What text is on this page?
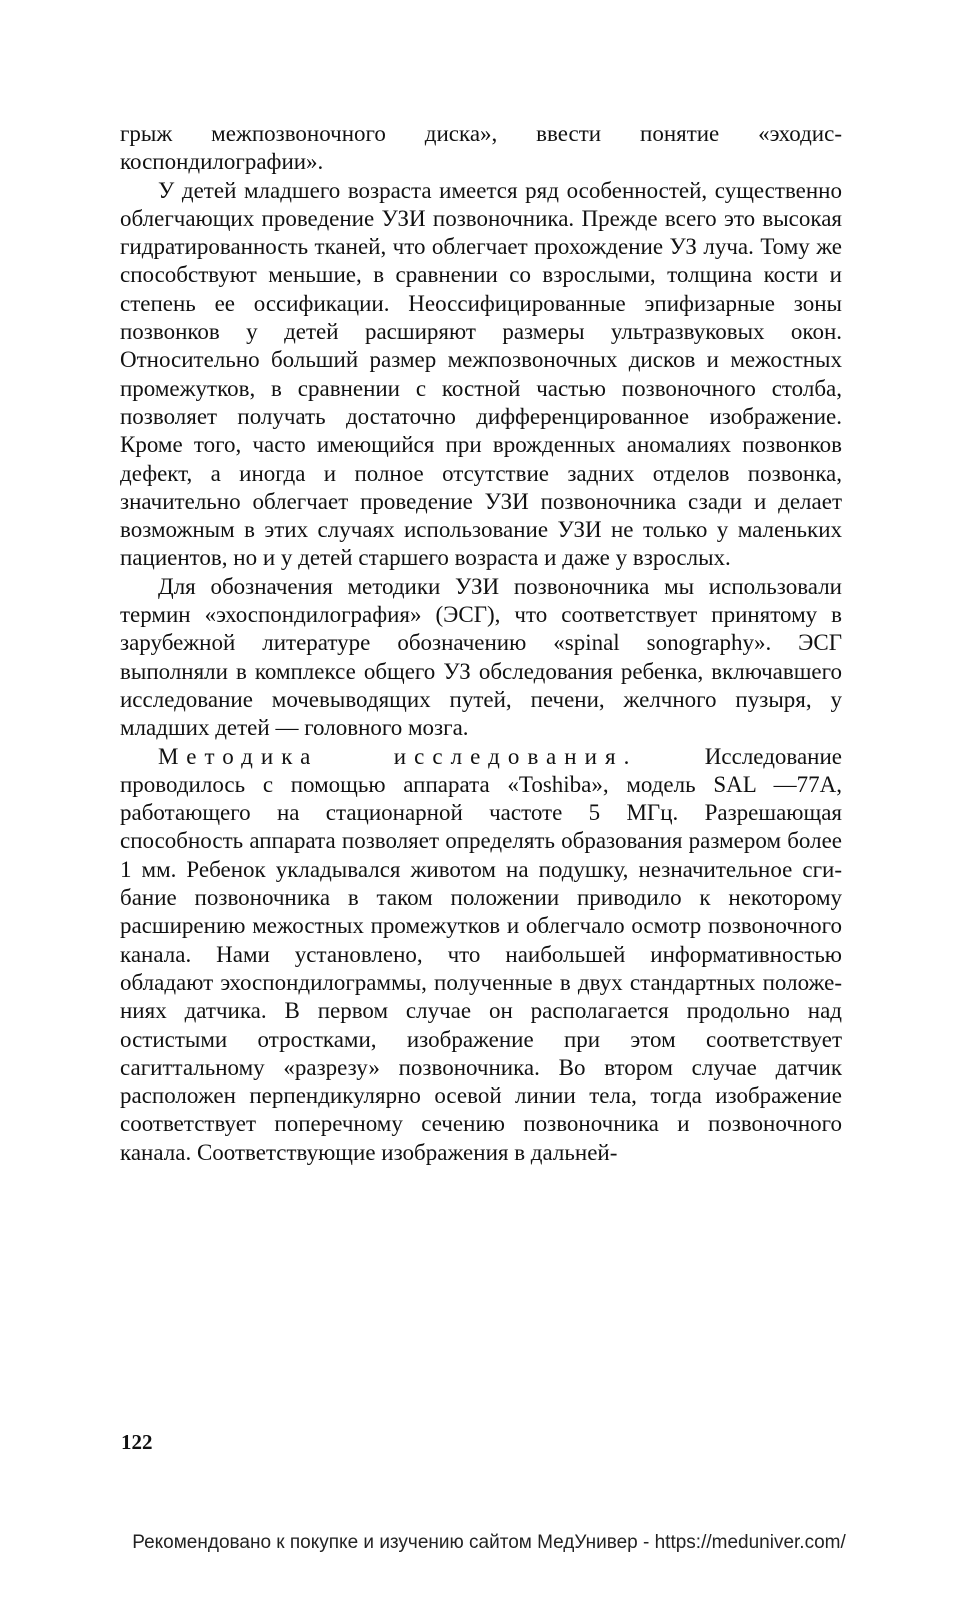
грыж межпозвоночного диска», ввести понятие «эходискоспондилографии».

У детей младшего возраста имеется ряд особенностей, существенно облегчающих проведение УЗИ позвоночника. Прежде всего это высокая гидратированность тканей, что облегчает прохождение УЗ луча. Тому же способствуют меньшие, в сравнении со взрослыми, толщина кости и степень ее оссификации. Неоссифицированные эпифизарные зоны позвонков у детей расширяют размеры ультразвуковых окон. Относительно больший размер межпозвоночных дисков и межостных промежутков, в сравнении с костной частью позвоночного столба, позволяет получать достаточно дифференцированное изображение. Кроме того, часто имеющийся при врожденных аномалиях позвонков дефект, а иногда и полное отсутствие задних отделов позвонка, значительно облегчает проведение УЗИ позвоночника сзади и делает возможным в этих случаях использование УЗИ не только у маленьких пациентов, но и у детей старшего возраста и даже у взрослых.

Для обозначения методики УЗИ позвоночника мы использовали термин «эхоспондилография» (ЭСГ), что соответствует принятому в зарубежной литературе обозначению «spinal sonography». ЭСГ выполняли в комплексе общего УЗ обследования ребенка, включавшего исследование мочевыводящих путей, печени, желчного пузыря, у младших детей — головного мозга.

Методика исследования.	Исследование проводилось с помощью аппарата «Toshiba», модель SAL —77А, работающего на стационарной частоте 5 МГц. Разрешающая способность аппарата позволяет определять образования размером более 1 мм. Ребенок укладывался животом на подушку, незначительное сгибание позвоночника в таком положении приводило к некоторому расширению межостных промежутков и облегчало осмотр позвоночного канала. Нами установлено, что наибольшей информативностью обладают эхоспондилограммы, полученные в двух стандартных положениях датчика. В первом случае он располагается продольно над остистыми отростками, изображение при этом соответствует сагиттальному «разрезу» позвоночника. Во втором случае датчик расположен перпендикулярно осевой линии тела, тогда изображение соответствует поперечному сечению позвоночника и позвоночного канала. Соответствующие изображения в дальней-

122
Рекомендовано к покупке и изучению сайтом МедУнивер - https://meduniver.com/
